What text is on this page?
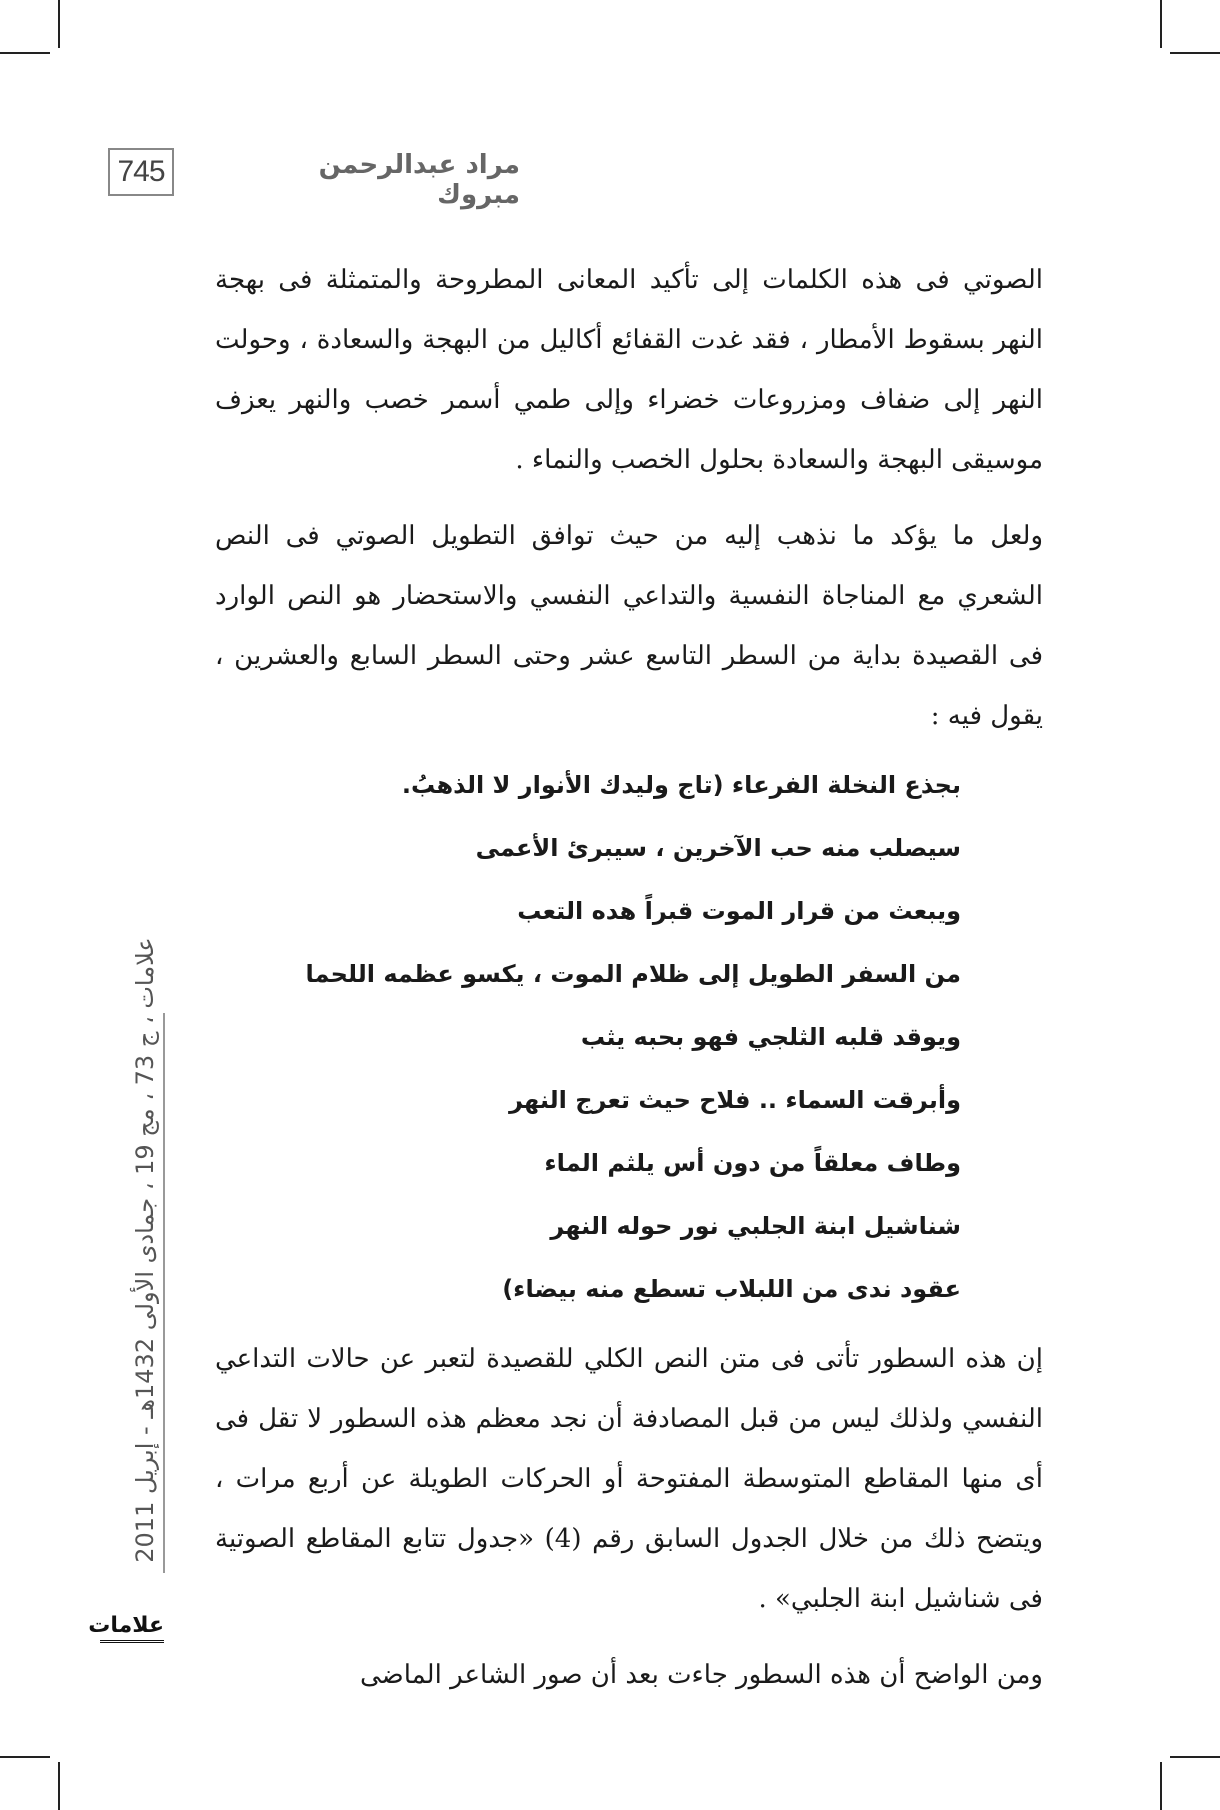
745	مراد عبدالرحمن مبروك

الصوتي فى هذه الكلمات إلى تأكيد المعانى المطروحة والمتمثلة فى بهجة النهر بسقوط الأمطار ، فقد غدت القفائع أكاليل من البهجة والسعادة ، وحولت النهر إلى ضفاف ومزروعات خضراء وإلى طمي أسمر خصب والنهر يعزف موسيقى البهجة والسعادة بحلول الخصب والنماء .

ولعل ما يؤكد ما نذهب إليه من حيث توافق التطويل الصوتي فى النص الشعري مع المناجاة النفسية والتداعي النفسي والاستحضار هو النص الوارد فى القصيدة بداية من السطر التاسع عشر وحتى السطر السابع والعشرين ، يقول فيه :

بجذع النخلة الفرعاء (تاج وليدك الأنوار لا الذهبُ.

سيصلب منه حب الآخرين ، سيبرئ الأعمى

ويبعث من قرار الموت قبراً هده التعب

من السفر الطويل إلى ظلام الموت ، يكسو عظمه اللحما

ويوقد قلبه الثلجي فهو بحبه يثب

وأبرقت السماء .. فلاح حيث تعرج النهر

وطاف معلقاً من دون أس يلثم الماء

شناشيل ابنة الجلبي نور حوله النهر

عقود ندى من اللبلاب تسطع منه بيضاء)

إن هذه السطور تأتى فى متن النص الكلي للقصيدة لتعبر عن حالات التداعي النفسي ولذلك ليس من قبل المصادفة أن نجد معظم هذه السطور لا تقل فى أى منها المقاطع المتوسطة المفتوحة أو الحركات الطويلة عن أربع مرات ، ويتضح ذلك من خلال الجدول السابق رقم (4) «جدول تتابع المقاطع الصوتية فى شناشيل ابنة الجلبي» .

ومن الواضح أن هذه السطور جاءت بعد أن صور الشاعر الماضى

علامات ، ج 73 ، مج 19 ، جمادى الأولى 1432هـ - إبريل 2011
علامات
